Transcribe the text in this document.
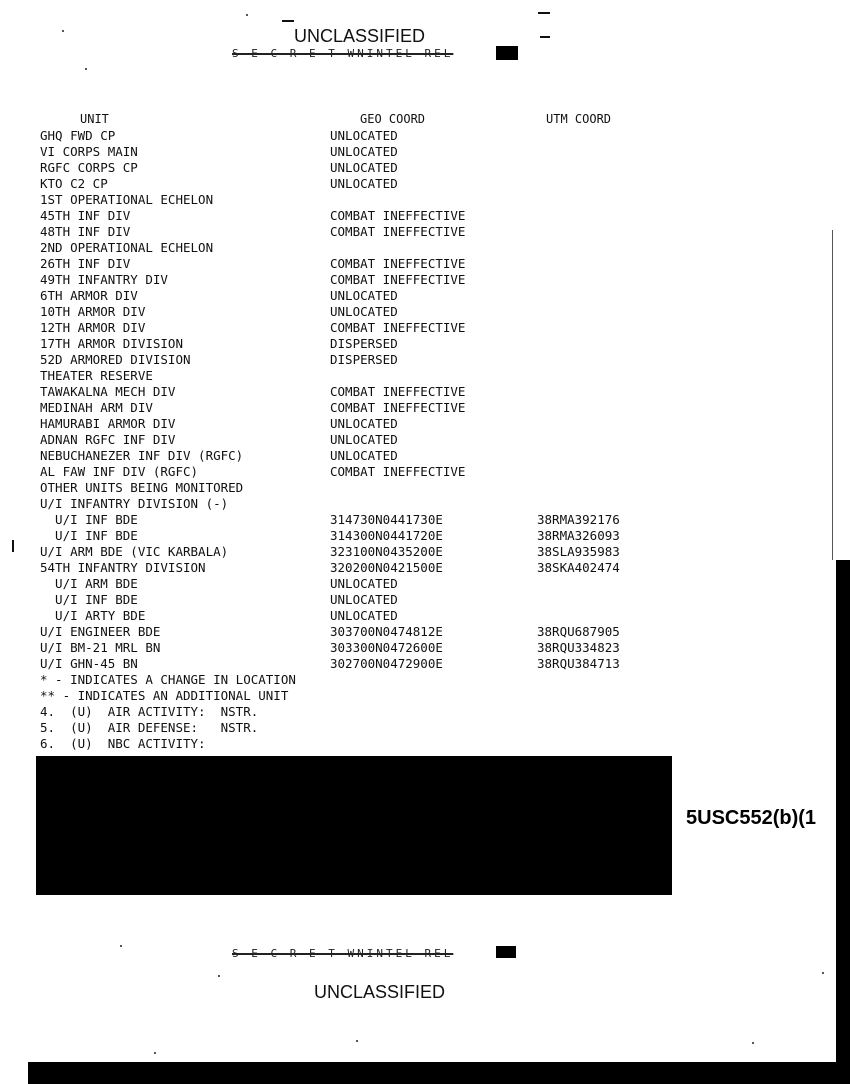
UNCLASSIFIED
S E C R E T WNINTEL REL
UNIT	GEO COORD	UTM COORD
GHQ FWD CP	UNLOCATED
VI CORPS MAIN	UNLOCATED
RGFC CORPS CP	UNLOCATED
KTO C2 CP	UNLOCATED
1ST OPERATIONAL ECHELON
45TH INF DIV	COMBAT INEFFECTIVE
48TH INF DIV	COMBAT INEFFECTIVE
2ND OPERATIONAL ECHELON
26TH INF DIV	COMBAT INEFFECTIVE
49TH INFANTRY DIV	COMBAT INEFFECTIVE
6TH ARMOR DIV	UNLOCATED
10TH ARMOR DIV	UNLOCATED
12TH ARMOR DIV	COMBAT INEFFECTIVE
17TH ARMOR DIVISION	DISPERSED
52D ARMORED DIVISION	DISPERSED
THEATER RESERVE
TAWAKALNA MECH DIV	COMBAT INEFFECTIVE
MEDINAH ARM DIV	COMBAT INEFFECTIVE
HAMURABI ARMOR DIV	UNLOCATED
ADNAN RGFC INF DIV	UNLOCATED
NEBUCHANEZER INF DIV (RGFC)	UNLOCATED
AL FAW INF DIV (RGFC)	COMBAT INEFFECTIVE
OTHER UNITS BEING MONITORED
U/I INFANTRY DIVISION (-)
U/I INF BDE	314730N0441730E	38RMA392176
U/I INF BDE	314300N0441720E	38RMA326093
U/I ARM BDE (VIC KARBALA)	323100N0435200E	38SLA935983
54TH INFANTRY DIVISION	320200N0421500E	38SKA402474
U/I ARM BDE	UNLOCATED
U/I INF BDE	UNLOCATED
U/I ARTY BDE	UNLOCATED
U/I ENGINEER BDE	303700N0474812E	38RQU687905
U/I BM-21 MRL BN	303300N0472600E	38RQU334823
U/I GHN-45 BN	302700N0472900E	38RQU384713
* - INDICATES A CHANGE IN LOCATION
** - INDICATES AN ADDITIONAL UNIT
4.  (U)  AIR ACTIVITY:  NSTR.
5.  (U)  AIR DEFENSE:   NSTR.
6.  (U)  NBC ACTIVITY:
5USC552(b)(1
S E C R E T WNINTEL REL
UNCLASSIFIED
